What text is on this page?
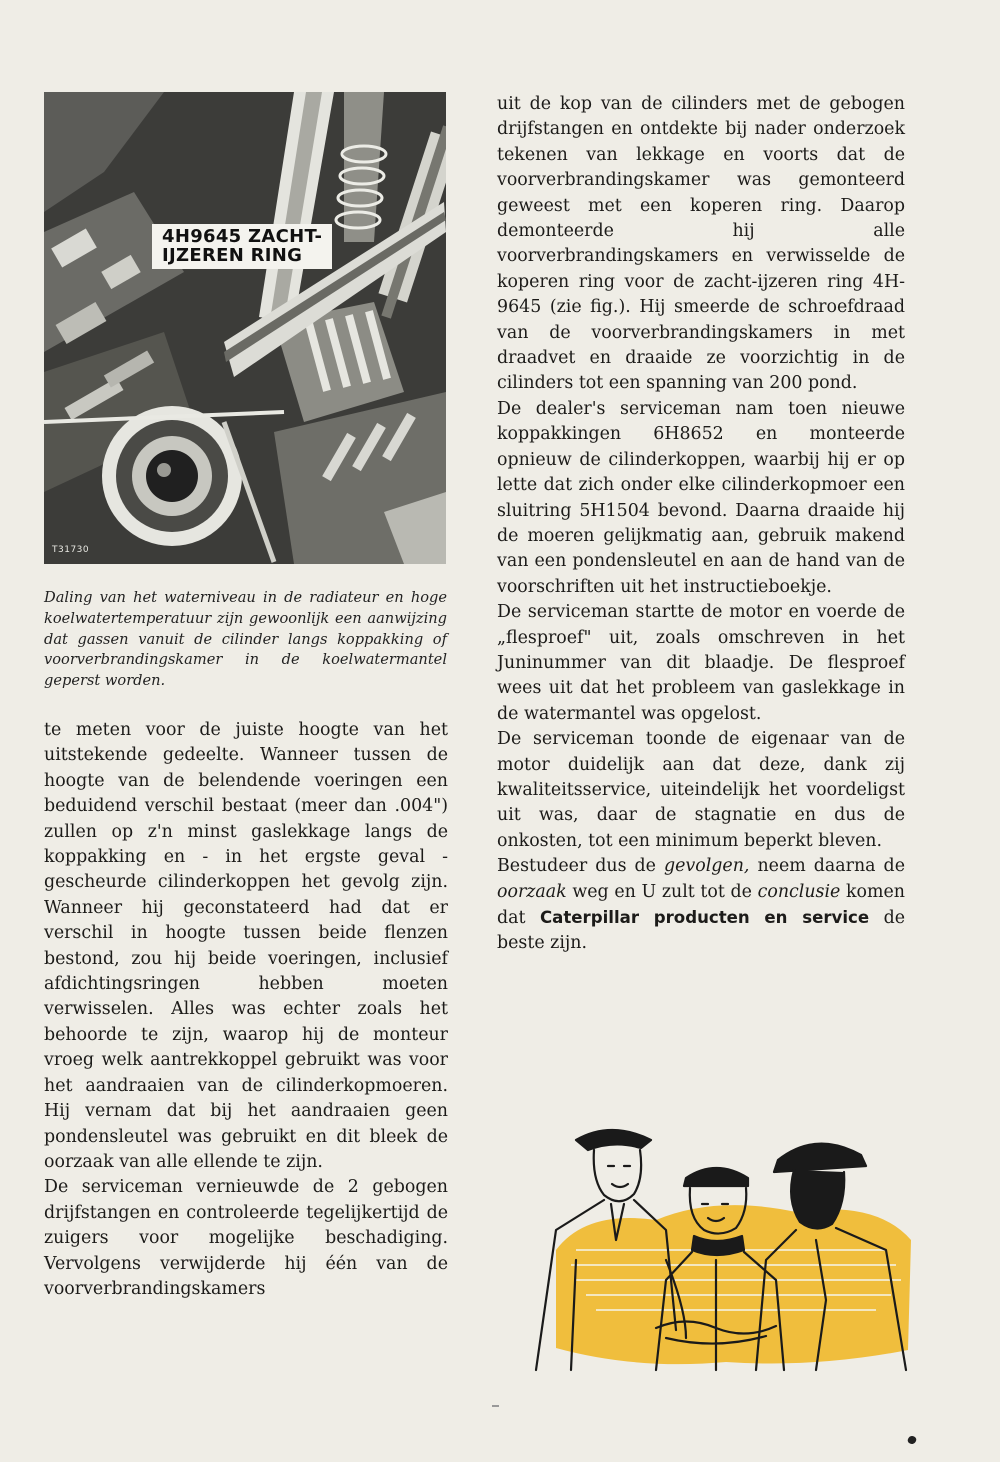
4H9645 ZACHT-
IJZEREN RING
T31730
Daling van het waterniveau in de radiateur en hoge koelwatertemperatuur zijn gewoonlijk een aanwijzing dat gassen vanuit de cilinder langs koppakking of voorverbrandingskamer in de koelwatermantel geperst worden.

te meten voor de juiste hoogte van het uitstekende gedeelte. Wanneer tussen de hoogte van de belendende voeringen een beduidend verschil bestaat (meer dan .004") zullen op z'n minst gaslekkage langs de koppakking en - in het ergste geval - gescheurde cilinderkoppen het gevolg zijn. Wanneer hij geconstateerd had dat er verschil in hoogte tussen beide flenzen bestond, zou hij beide voeringen, inclusief afdichtingsringen hebben moeten verwisselen. Alles was echter zoals het behoorde te zijn, waarop hij de monteur vroeg welk aantrekkoppel gebruikt was voor het aandraaien van de cilinderkopmoeren. Hij vernam dat bij het aandraaien geen pondensleutel was gebruikt en dit bleek de oorzaak van alle ellende te zijn.

De serviceman vernieuwde de 2 gebogen drijfstangen en controleerde tegelijkertijd de zuigers voor mogelijke beschadiging. Vervolgens verwijderde hij één van de voorverbrandingskamers

uit de kop van de cilinders met de gebogen drijfstangen en ontdekte bij nader onderzoek tekenen van lekkage en voorts dat de voorverbrandingskamer was gemonteerd geweest met een koperen ring. Daarop demonteerde hij alle voorverbrandingskamers en verwisselde de koperen ring voor de zacht-ijzeren ring 4H-9645 (zie fig.). Hij smeerde de schroefdraad van de voorverbrandingskamers in met draadvet en draaide ze voorzichtig in de cilinders tot een spanning van 200 pond.

De dealer's serviceman nam toen nieuwe koppakkingen 6H8652 en monteerde opnieuw de cilinderkoppen, waarbij hij er op lette dat zich onder elke cilinderkopmoer een sluitring 5H1504 bevond. Daarna draaide hij de moeren gelijkmatig aan, gebruik makend van een pondensleutel en aan de hand van de voorschriften uit het instructieboekje.

De serviceman startte de motor en voerde de „flesproef" uit, zoals omschreven in het Juninummer van dit blaadje. De flesproef wees uit dat het probleem van gaslekkage in de watermantel was opgelost.

De serviceman toonde de eigenaar van de motor duidelijk aan dat deze, dank zij kwaliteitsservice, uiteindelijk het voordeligst uit was, daar de stagnatie en dus de onkosten, tot een minimum beperkt bleven.

Bestudeer dus de gevolgen, neem daarna de oorzaak weg en U zult tot de conclusie komen dat Caterpillar producten en service de beste zijn.
